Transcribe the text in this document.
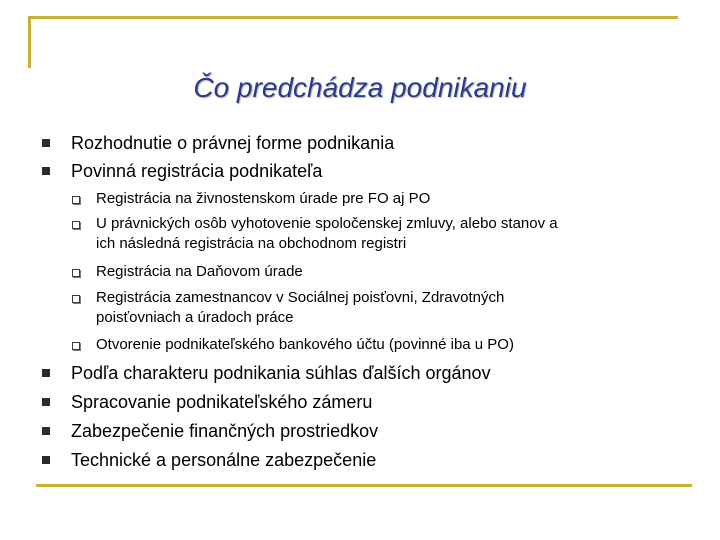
Čo predchádza podnikaniu
Rozhodnutie o právnej forme podnikania
Povinná registrácia podnikateľa
Registrácia na živnostenskom úrade pre FO aj PO
U právnických osôb vyhotovenie spoločenskej zmluvy, alebo stanov a
ich následná registrácia na obchodnom registri
Registrácia na Daňovom úrade
Registrácia zamestnancov v Sociálnej poisťovni, Zdravotných
poisťovniach a úradoch práce
Otvorenie podnikateľského bankového účtu (povinné iba u PO)
Podľa charakteru podnikania súhlas ďalších orgánov
Spracovanie podnikateľského zámeru
Zabezpečenie finančných prostriedkov
Technické a personálne zabezpečenie
